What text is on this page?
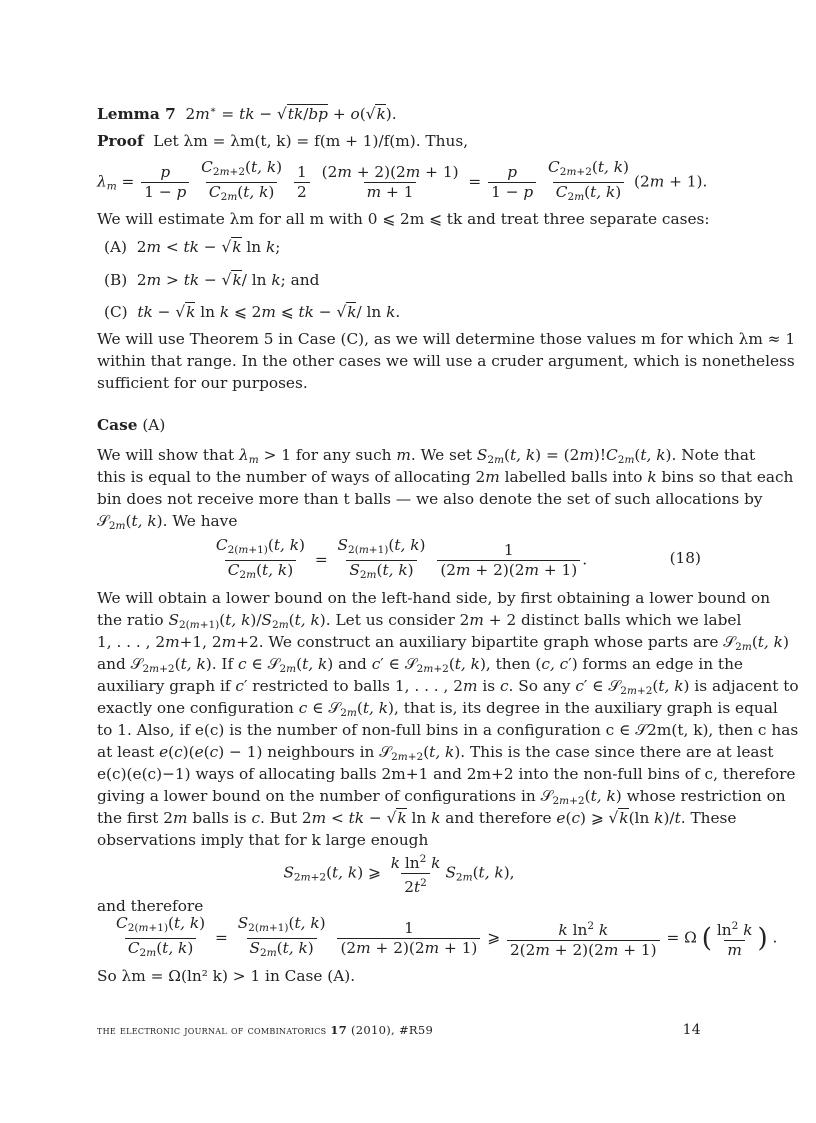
Lemma 7  2m∗ = tk − √tk/bp + o(√k).
Proof Let λm = λm(t, k) = f(m + 1)/f(m). Thus,
$\lambda_m = \frac{p}{1 - p}$
$\frac{C_{2m+2}(t, k)}{C_{2m}(t, k)}$
$\frac{1}{2}$
$\frac{(2m + 2)(2m + 1)}{m + 1} = \frac{p}{1 - p}$
$\frac{C_{2m+2}(t, k)}{C_{2m}(t, k)} (2m + 1)$.
We will estimate λm for all m with 0 ⩽ 2m ⩽ tk and treat three separate cases:
(A)  2m < tk − √k ln k;
(B)  2m > tk − √k/ ln k; and
(C) tk − √k ln k ⩽ 2m ⩽ tk − √k/ ln k.
We will use Theorem 5 in Case (C), as we will determine those values m for which λm ≈ 1
within that range. In the other cases we will use a cruder argument, which is nonetheless
sufficient for our purposes.
Case (A)
We will show that $\lambda_m > 1$ for any such m. We set $S_{2m}(t$, $k) = (2m)!C_{2m}(t$, k). Note that
this is equal to the number of ways of allocating 2m labelled balls into k bins so that each
bin does not receive more than t balls — we also denote the set of such allocations by
𝒮$_{2m}$(t, k). We have
$\frac{C_{2(m+1)}(t, k)}{C_{2m}(t, k)} = \frac{S_{2(m+1)}(t, k)}{S_{2m}(t, k)}$
$\frac{1}{(2m + 2)(2m + 1)}$ .	(18)
We will obtain a lower bound on the left-hand side, by first obtaining a lower bound on
the ratio $S_{2(m+1)}(t$, $k)/S_{2m}(t$, k). Let us consider 2m + 2 distinct balls which we label
1, . . . , 2m+1, 2m+2. We construct an auxiliary bipartite graph whose parts are 𝒮$_{2m}$(t, k)
and 𝒮$_{2m+2}$(t, k). If c ∈ 𝒮$_{2m}$(t, k) and c′ ∈ 𝒮$_{2m+2}$(t, k), then (c, c′) forms an edge in the
auxiliary graph if c′ restricted to balls 1, . . . , 2m is c. So any c′ ∈ 𝒮$_{2m+2}$(t, k) is adjacent to
exactly one configuration c ∈ 𝒮$_{2m}$(t, k), that is, its degree in the auxiliary graph is equal
to 1. Also, if e(c) is the number of non-full bins in a configuration c ∈ 𝒮2m(t, k), then c has
at least e(c)(e(c) − 1) neighbours in 𝒮$_{2m+2}$(t, k). This is the case since there are at least
e(c)(e(c)−1) ways of allocating balls 2m+1 and 2m+2 into the non-full bins of c, therefore
giving a lower bound on the number of configurations in 𝒮$_{2m+2}$(t, k) whose restriction on
the first 2m balls is c. But 2m < tk − √k ln k and therefore e(c) ⩾ √k(ln k)/t. These
observations imply that for k large enough
$S_{2m+2}(t$, k) ⩾ $\frac{k \ln^2 k}{2t^2} S_{2m}(t$, k),
and therefore
$\frac{C_{2(m+1)}(t, k)}{C_{2m}(t, k)} = \frac{S_{2(m+1)}(t, k)}{S_{2m}(t, k)}$
$\frac{1}{(2m + 2)(2m + 1)}$ ⩾ $\frac{k \ln^2 k}{2(2m + 2)(2m + 1)} = \Omega$ ( $\frac{\ln^2 k}{m}$ ) .
So λm = Ω(ln² k) > 1 in Case (A).
the electronic journal of combinatorics 17 (2010), #R59	14
